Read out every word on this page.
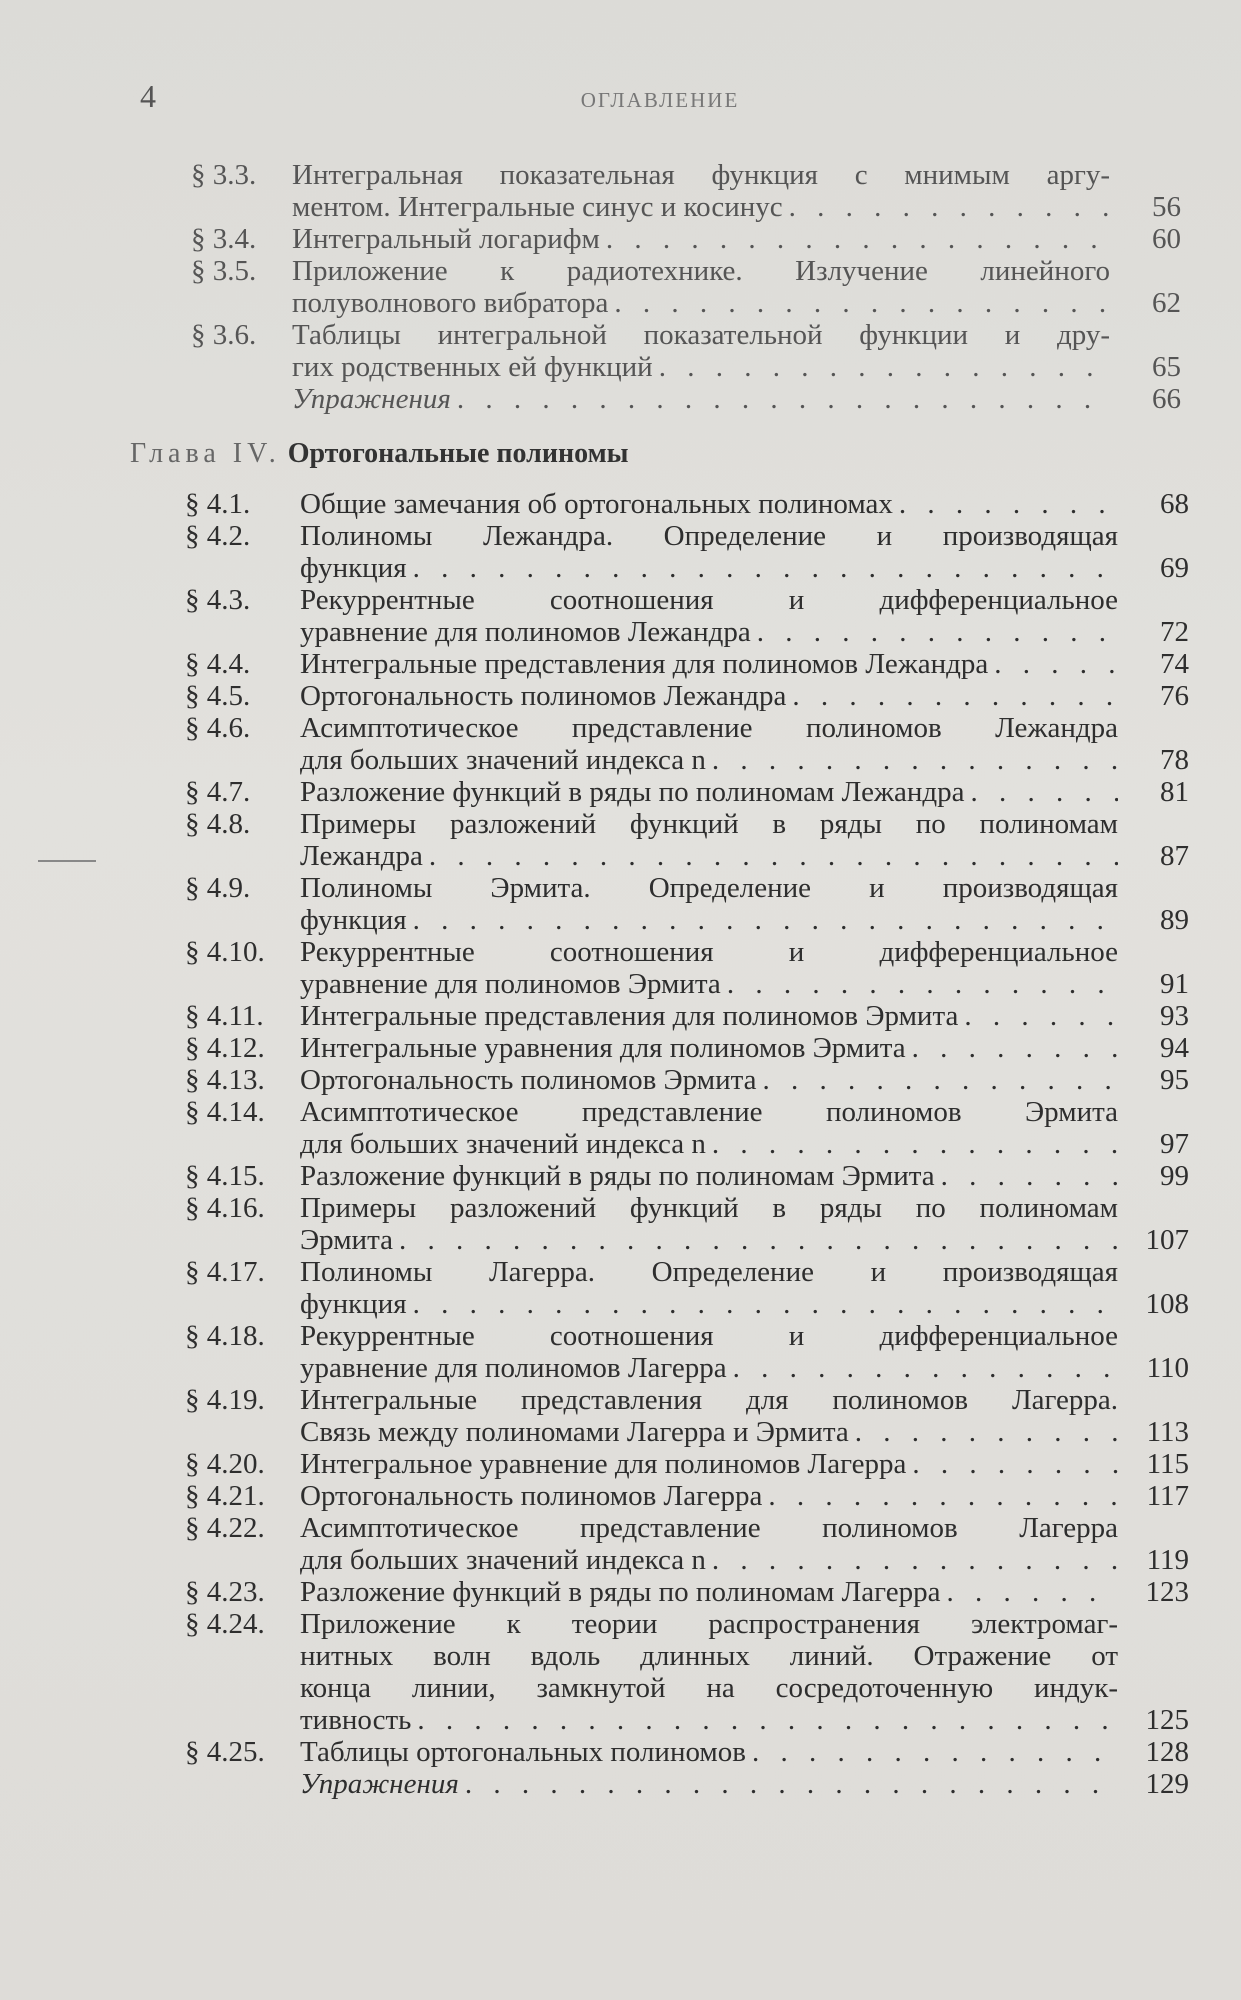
4	ОГЛАВЛЕНИЕ
§ 3.3.	Интегральная показательная функция с мнимым аргу-
ментом. Интегральные синус и косинус . . .	56
§ 3.4.	Интегральный логарифм . . .	60
§ 3.5.	Приложение к радиотехнике. Излучение линейного
полуволнового вибратора . . .	62
§ 3.6.	Таблицы интегральной показательной функции и дру-
гих родственных ей функций . . .	65
Упражнения . . .	66
Глава IV. Ортогональные полиномы
§ 4.1.	Общие замечания об ортогональных полиномах . . .	68
§ 4.2.	Полиномы Лежандра. Определение и производящая
функция . . .	69
§ 4.3.	Рекуррентные соотношения и дифференциальное
уравнение для полиномов Лежандра . . .	72
§ 4.4.	Интегральные представления для полиномов Лежандра . . .	74
§ 4.5.	Ортогональность полиномов Лежандра . . .	76
§ 4.6.	Асимптотическое представление полиномов Лежандра
для больших значений индекса n . . .	78
§ 4.7.	Разложение функций в ряды по полиномам Лежандра . . .	81
§ 4.8.	Примеры разложений функций в ряды по полиномам
Лежандра . . .	87
§ 4.9.	Полиномы Эрмита. Определение и производящая
функция . . .	89
§ 4.10.	Рекуррентные соотношения и дифференциальное
уравнение для полиномов Эрмита . . .	91
§ 4.11.	Интегральные представления для полиномов Эрмита . . .	93
§ 4.12.	Интегральные уравнения для полиномов Эрмита . . .	94
§ 4.13.	Ортогональность полиномов Эрмита . . .	95
§ 4.14.	Асимптотическое представление полиномов Эрмита
для больших значений индекса n . . .	97
§ 4.15.	Разложение функций в ряды по полиномам Эрмита . . .	99
§ 4.16.	Примеры разложений функций в ряды по полиномам
Эрмита . . .	107
§ 4.17.	Полиномы Лагерра. Определение и производящая
функция . . .	108
§ 4.18.	Рекуррентные соотношения и дифференциальное
уравнение для полиномов Лагерра . . .	110
§ 4.19.	Интегральные представления для полиномов Лагерра.
Связь между полиномами Лагерра и Эрмита . . .	113
§ 4.20.	Интегральное уравнение для полиномов Лагерра . . .	115
§ 4.21.	Ортогональность полиномов Лагерра . . .	117
§ 4.22.	Асимптотическое представление полиномов Лагерра
для больших значений индекса n . . .	119
§ 4.23.	Разложение функций в ряды по полиномам Лагерра . . .	123
§ 4.24.	Приложение к теории распространения электромаг-
нитных волн вдоль длинных линий. Отражение от
конца линии, замкнутой на сосредоточенную индук-
тивность . . .	125
§ 4.25.	Таблицы ортогональных полиномов . . .	128
Упражнения . . .	129
